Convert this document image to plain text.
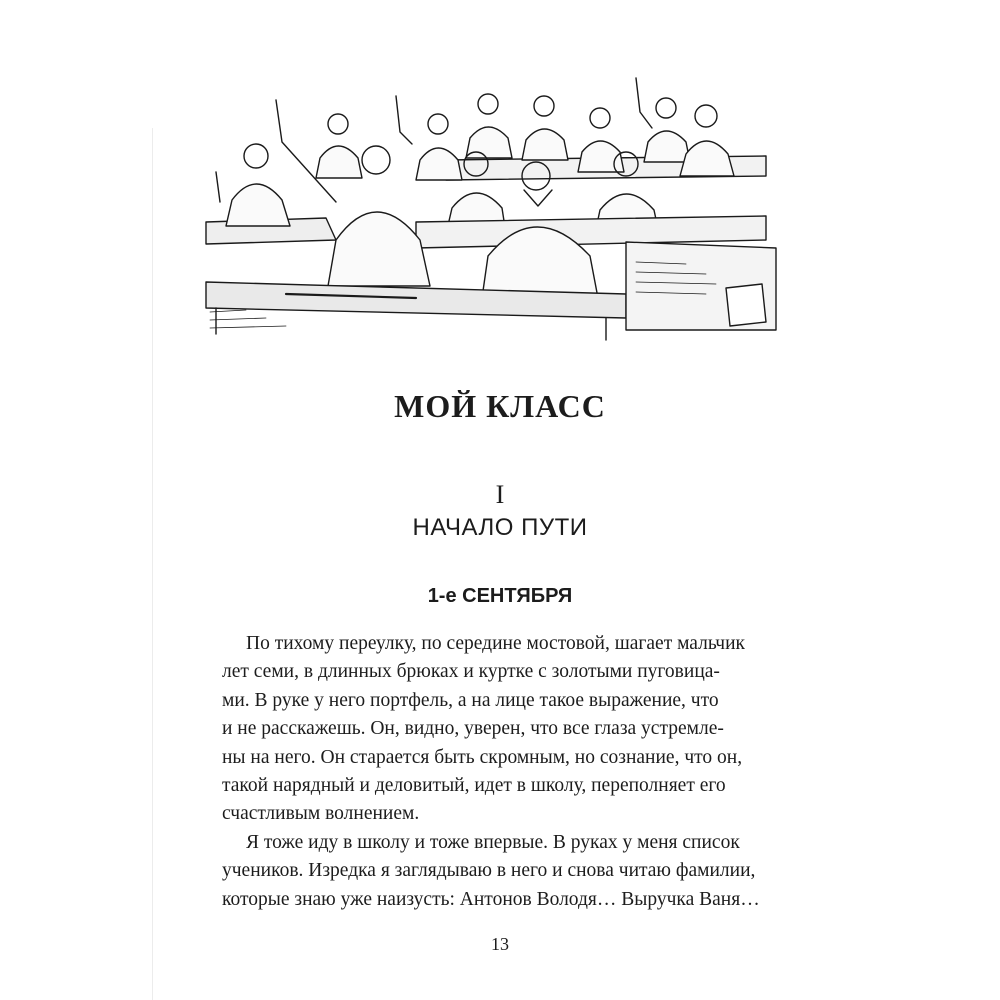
МОЙ КЛАСС
I
НАЧАЛО ПУТИ
1-е СЕНТЯБРЯ
По тихому переулку, по середине мостовой, шагает мальчик
лет семи, в длинных брюках и куртке с золотыми пуговица-
ми. В руке у него портфель, а на лице такое выражение, что
и не расскажешь. Он, видно, уверен, что все глаза устремле-
ны на него. Он старается быть скромным, но сознание, что он,
такой нарядный и деловитый, идет в школу, переполняет его
счастливым волнением.
Я тоже иду в школу и тоже впервые. В руках у меня список
учеников. Изредка я заглядываю в него и снова читаю фамилии,
которые знаю уже наизусть: Антонов Володя… Выручка Ваня…
13
